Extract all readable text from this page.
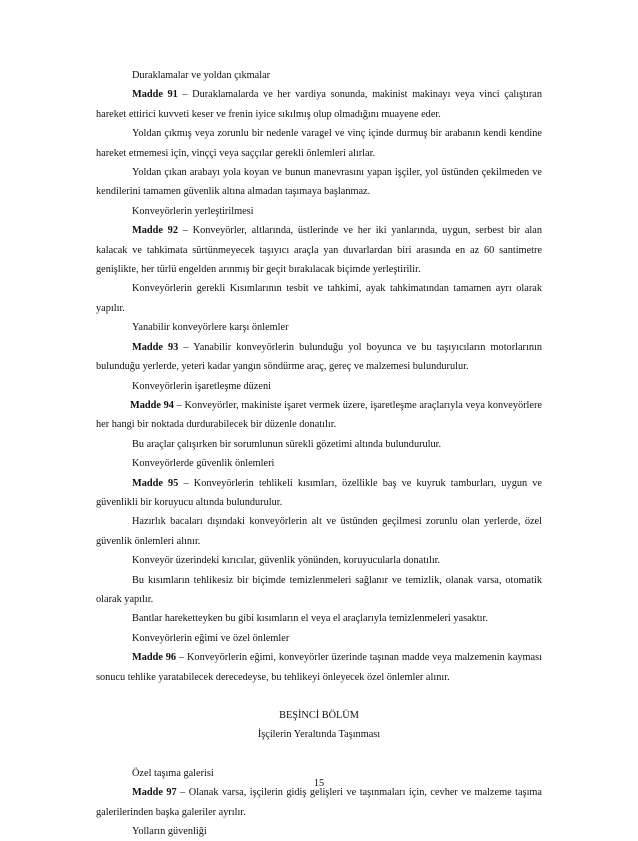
Duraklamalar ve yoldan çıkmalar

Madde 91 – Duraklamalarda ve her vardiya sonunda, makinist makinayı veya vinci çalıştıran hareket ettirici kuvveti keser ve frenin iyice sıkılmış olup olmadığını muayene eder.

Yoldan çıkmış veya zorunlu bir nedenle varagel ve vinç içinde durmuş bir arabanın kendi kendine hareket etmemesi için, vinççi veya saççılar gerekli önlemleri alırlar.

Yoldan çıkan arabayı yola koyan ve bunun manevrasını yapan işçiler, yol üstünden çekilmeden ve kendilerini tamamen güvenlik altına almadan taşımaya başlanmaz.

Konveyörlerin yerleştirilmesi

Madde 92 – Konveyörler, altlarında, üstlerinde ve her iki yanlarında, uygun, serbest bir alan kalacak ve tahkimata sürtünmeyecek taşıyıcı araçla yan duvarlardan biri arasında en az 60 santimetre genişlikte, her türlü engelden arınmış bir geçit bırakılacak biçimde yerleştirilir.

Konveyörlerin gerekli Kısımlarının tesbit ve tahkimi, ayak tahkimatından tamamen ayrı olarak yapılır.

Yanabilir konveyörlere karşı önlemler

Madde 93 – Yanabilir konveyörlerin bulunduğu yol boyunca ve bu taşıyıcıların motorlarının bulunduğu yerlerde, yeteri kadar yangın söndürme araç, gereç ve malzemesi bulundurulur.

Konveyörlerin işaretleşme düzeni

Madde 94 – Konveyörler, makiniste işaret vermek üzere, işaretleşme araçlarıyla veya konveyörlere her hangi bir noktada durdurabilecek bir düzenle donatılır.

Bu araçlar çalışırken bir sorumlunun sürekli gözetimi altında bulundurulur.

Konveyörlerde güvenlik önlemleri

Madde 95 – Konveyörlerin tehlikeli kısımları, özellikle baş ve kuyruk tamburları, uygun ve güvenlikli bir koruyucu altında bulundurulur.

Hazırlık bacaları dışındaki konveyörlerin alt ve üstünden geçilmesi zorunlu olan yerlerde, özel güvenlik önlemleri alınır.

Konveyör üzerindeki kırıcılar, güvenlik yönünden, koruyucularla donatılır.

Bu kısımların tehlikesiz bir biçimde temizlenmeleri sağlanır ve temizlik, olanak varsa, otomatik olarak yapılır.

Bantlar hareketteyken bu gibi kısımların el veya el araçlarıyla temizlenmeleri yasaktır.

Konveyörlerin eğimi ve özel önlemler

Madde 96 – Konveyörlerin eğimi, konveyörler üzerinde taşınan madde veya malzemenin kayması sonucu tehlike yaratabilecek derecedeyse, bu tehlikeyi önleyecek özel önlemler alınır.

BEŞİNCİ BÖLÜM

İşçilerin Yeraltında Taşınması

Özel taşıma galerisi

Madde 97 – Olanak varsa, işçilerin gidiş gelişleri ve taşınmaları için, cevher ve malzeme taşıma galerilerinden başka galeriler ayrılır.

Yolların güvenliği

15
